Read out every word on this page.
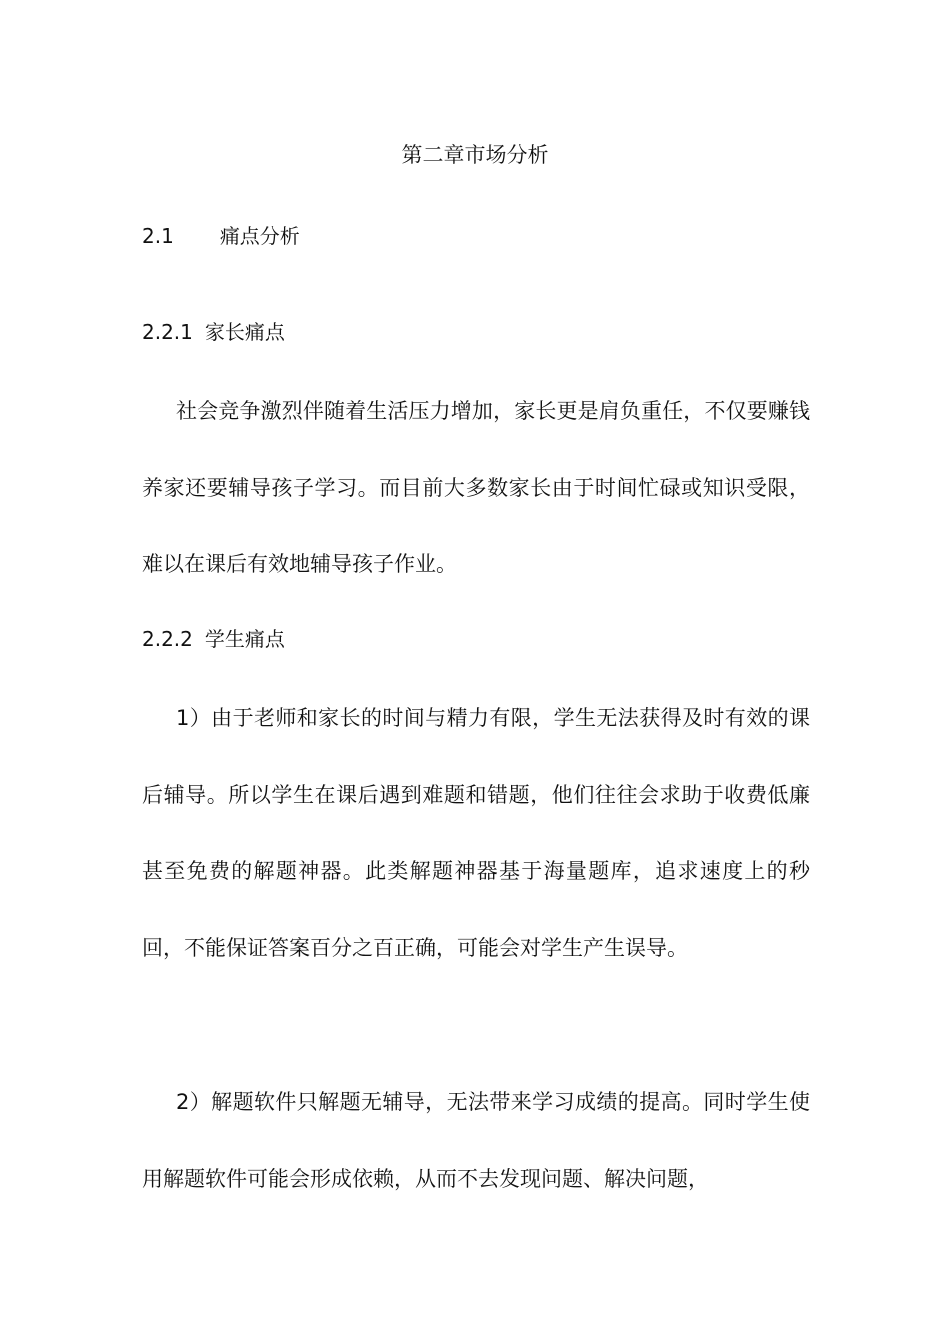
第二章市场分析
2.1 痛点分析
2.2.1 家长痛点

社会竞争激烈伴随着生活压力增加，家长更是肩负重任，不仅要赚钱养家还要辅导孩子学习。而目前大多数家长由于时间忙碌或知识受限，难以在课后有效地辅导孩子作业。

2.2.2 学生痛点

1）由于老师和家长的时间与精力有限，学生无法获得及时有效的课后辅导。所以学生在课后遇到难题和错题，他们往往会求助于收费低廉甚至免费的解题神器。此类解题神器基于海量题库，追求速度上的秒回，不能保证答案百分之百正确，可能会对学生产生误导。

2）解题软件只解题无辅导，无法带来学习成绩的提高。同时学生使用解题软件可能会形成依赖，从而不去发现问题、解决问题，
